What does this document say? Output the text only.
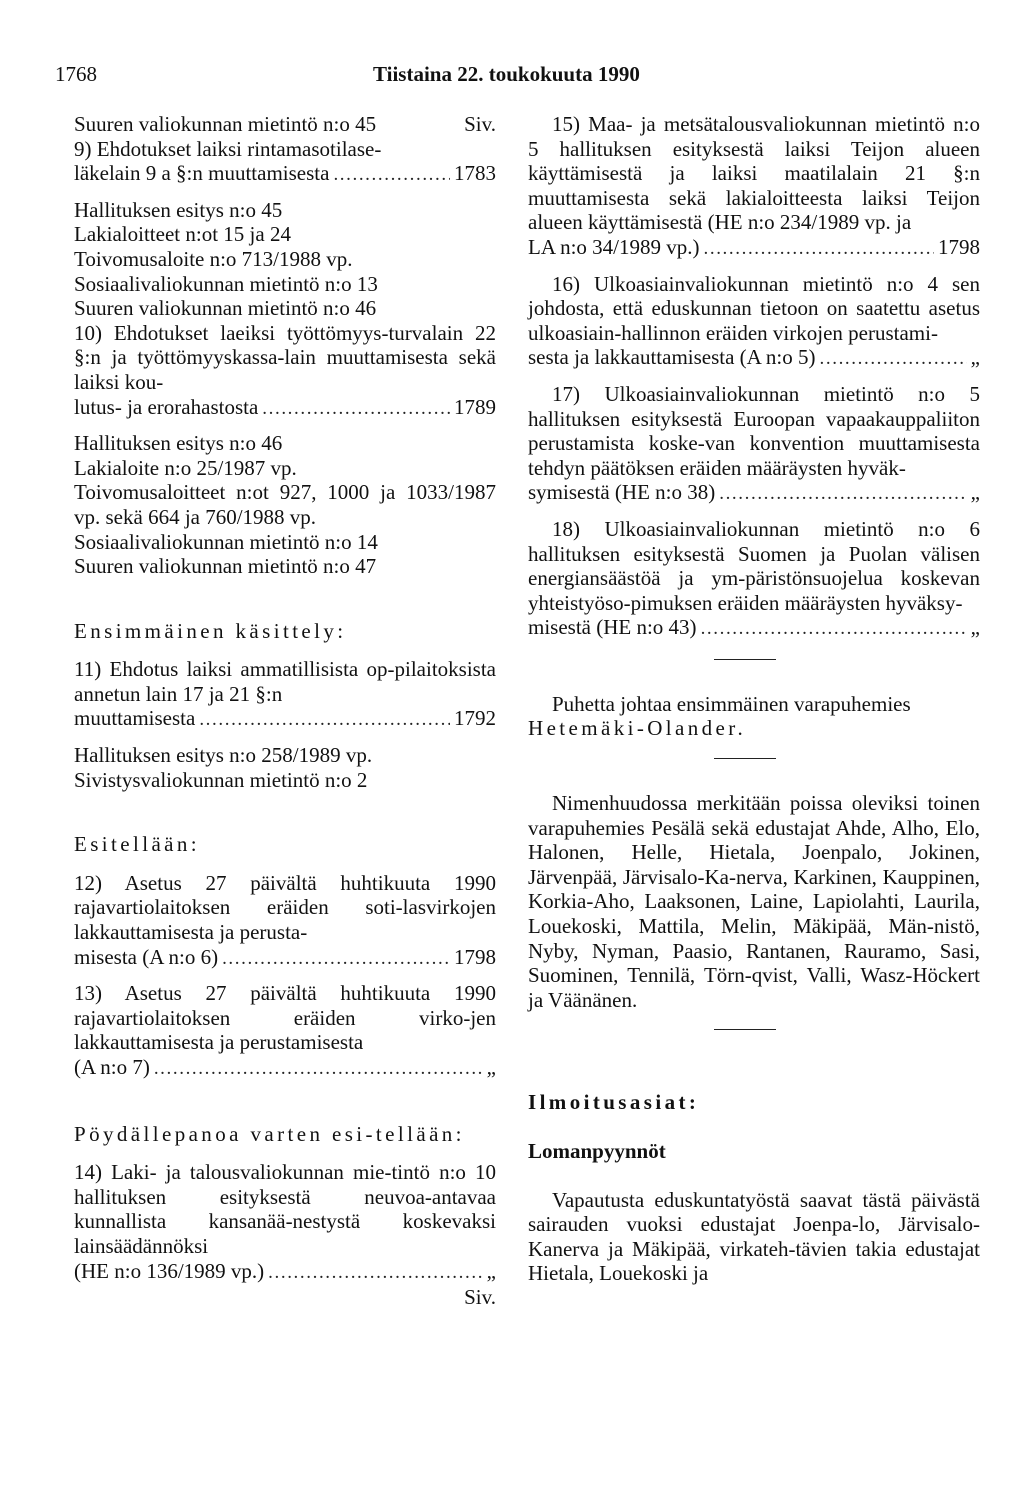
1768	Tiistaina 22. toukokuuta 1990
Suuren valiokunnan mietintö n:o 45	Siv.
9) Ehdotukset laiksi rintamasotilase-
läkelain 9 a §:n muuttamisesta .....	1783
Hallituksen esitys n:o 45
Lakialoitteet n:ot 15 ja 24
Toivomusaloite n:o 713/1988 vp.
Sosiaalivaliokunnan mietintö n:o 13
Suuren valiokunnan mietintö n:o 46

10) Ehdotukset laeiksi työttömyys-turvalain 22 §:n ja työttömyyskassa-lain muuttamisesta sekä laiksi kou-

lutus- ja erorahastosta .....	1789
Hallituksen esitys n:o 46
Lakialoite n:o 25/1987 vp.

Toivomusaloitteet n:ot 927, 1000 ja 1033/1987 vp. sekä 664 ja 760/1988 vp.

Sosiaalivaliokunnan mietintö n:o 14
Suuren valiokunnan mietintö n:o 47
Ensimmäinen käsittely:

11) Ehdotus laiksi ammatillisista op-pilaitoksista annetun lain 17 ja 21 §:n

muuttamisesta .....	1792
Hallituksen esitys n:o 258/1989 vp.
Sivistysvaliokunnan mietintö n:o 2
Esitellään:

12) Asetus 27 päivältä huhtikuuta 1990 rajavartiolaitoksen eräiden soti-lasvirkojen lakkauttamisesta ja perusta-

misesta (A n:o 6) .....	1798

13) Asetus 27 päivältä huhtikuuta 1990 rajavartiolaitoksen eräiden virko-jen lakkauttamisesta ja perustamisesta

(A n:o 7) .....	„

Pöydällepanoa varten esi-tellään:

14) Laki- ja talousvaliokunnan mie-tintö n:o 10 hallituksen esityksestä neuvoa-antavaa kunnallista kansanää-nestystä koskevaksi lainsäädännöksi

(HE n:o 136/1989 vp.) .....	„
Siv.

15) Maa- ja metsätalousvaliokunnan mietintö n:o 5 hallituksen esityksestä laiksi Teijon alueen käyttämisestä ja laiksi maatilalain 21 §:n muuttamisesta sekä lakialoitteesta laiksi Teijon alueen käyttämisestä (HE n:o 234/1989 vp. ja

LA n:o 34/1989 vp.) .....	1798

16) Ulkoasiainvaliokunnan mietintö n:o 4 sen johdosta, että eduskunnan tietoon on saatettu asetus ulkoasiain-hallinnon eräiden virkojen perustami-

sesta ja lakkauttamisesta (A n:o 5) .....	„

17) Ulkoasiainvaliokunnan mietintö n:o 5 hallituksen esityksestä Euroopan vapaakauppaliiton perustamista koske-van konvention muuttamisesta tehdyn päätöksen eräiden määräysten hyväk-

symisestä (HE n:o 38) .....	„

18) Ulkoasiainvaliokunnan mietintö n:o 6 hallituksen esityksestä Suomen ja Puolan välisen energiansäästöä ja ym-päristönsuojelua koskevan yhteistyöso-pimuksen eräiden määräysten hyväksy-

misestä (HE n:o 43) .....	„
Puhetta johtaa ensimmäinen varapuhemies
Hetemäki-Olander.

Nimenhuudossa merkitään poissa oleviksi toinen varapuhemies Pesälä sekä edustajat Ahde, Alho, Elo, Halonen, Helle, Hietala, Joenpalo, Jokinen, Järvenpää, Järvisalo-Ka-nerva, Karkinen, Kauppinen, Korkia-Aho, Laaksonen, Laine, Lapiolahti, Laurila, Louekoski, Mattila, Melin, Mäkipää, Män-nistö, Nyby, Nyman, Paasio, Rantanen, Rauramo, Sasi, Suominen, Tennilä, Törn-qvist, Valli, Wasz-Höckert ja Väänänen.

Ilmoitusasiat:
Lomanpyynnöt

Vapautusta eduskuntatyöstä saavat tästä päivästä sairauden vuoksi edustajat Joenpa-lo, Järvisalo-Kanerva ja Mäkipää, virkateh-tävien takia edustajat Hietala, Louekoski ja
